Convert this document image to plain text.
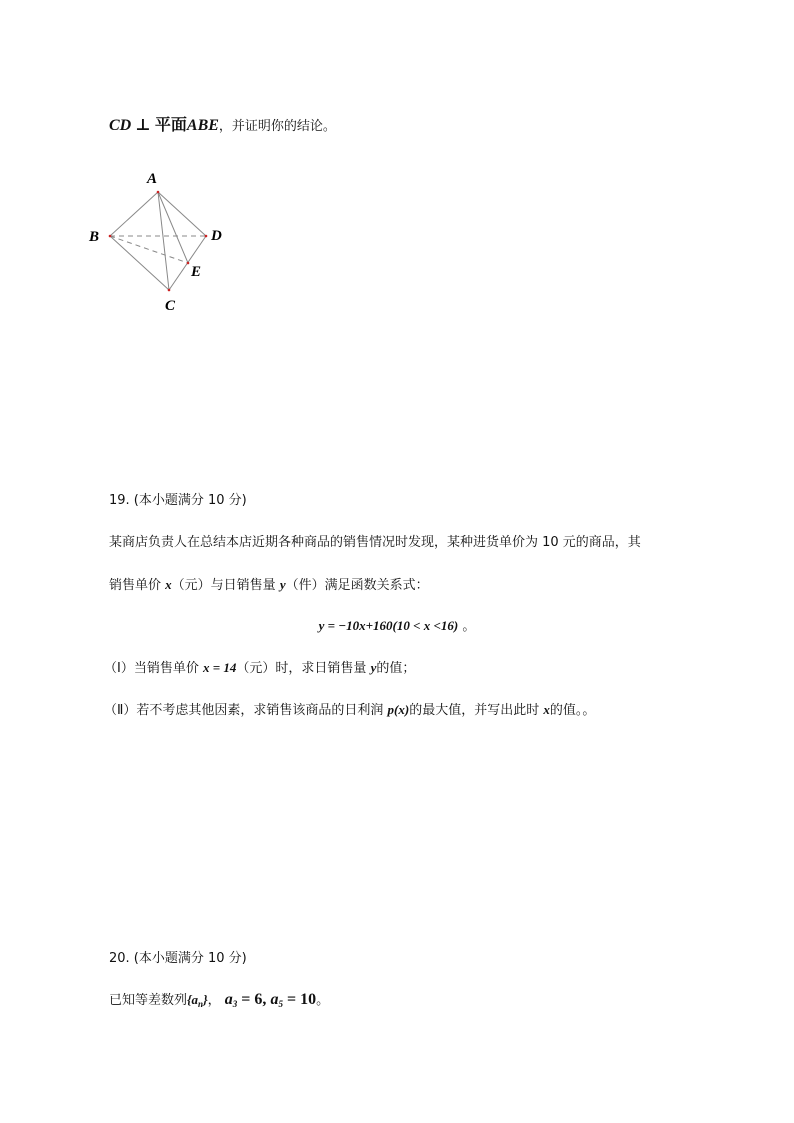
CD ⊥ 平面ABE，并证明你的结论。
A
B
C
D
E
19. (本小题满分 10 分)
某商店负责人在总结本店近期各种商品的销售情况时发现，某种进货单价为 10 元的商品，其
销售单价 x（元）与日销售量 y（件）满足函数关系式：
y = −10x+160(10 < x <16) 。
（Ⅰ）当销售单价 x = 14（元）时，求日销售量 y的值；
（Ⅱ）若不考虑其他因素，求销售该商品的日利润 p(x)的最大值，并写出此时 x的值。。
20. (本小题满分 10 分)
已知等差数列$\{a_n\}$， $a_3 = 6$, $a_5 = 10$。
